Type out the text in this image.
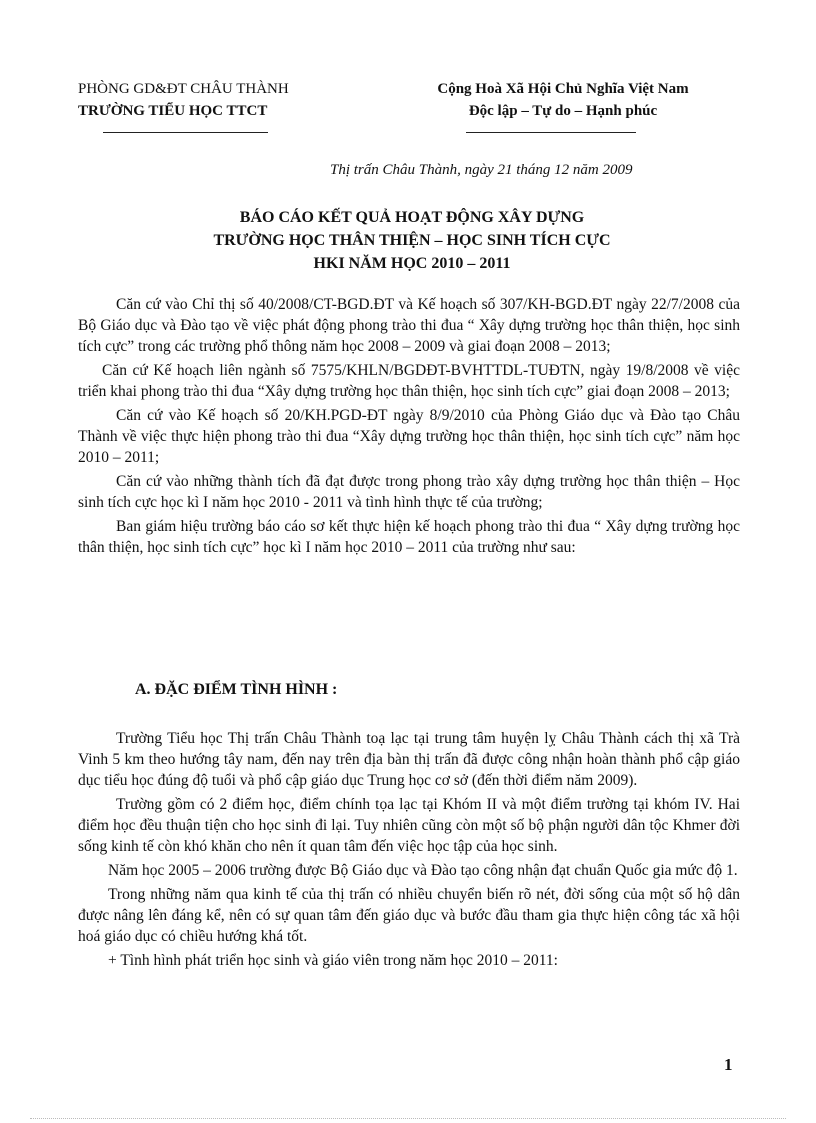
PHÒNG GD&ĐT CHÂU THÀNH
TRƯỜNG TIỂU HỌC TTCT
Cộng Hoà Xã Hội Chủ Nghĩa Việt Nam
Độc lập – Tự do – Hạnh phúc
Thị trấn Châu Thành, ngày 21 tháng 12 năm 2009
BÁO CÁO KẾT QUẢ HOẠT ĐỘNG XÂY DỰNG
TRƯỜNG HỌC THÂN THIỆN – HỌC SINH TÍCH CỰC
HKI NĂM HỌC 2010 – 2011

Căn cứ vào Chỉ thị số 40/2008/CT-BGD.ĐT và Kế hoạch số 307/KH-BGD.ĐT ngày 22/7/2008 của Bộ Giáo dục và Đào tạo về việc phát động phong trào thi đua “ Xây dựng trường học thân thiện, học sinh tích cực” trong các trường phổ thông năm học 2008 – 2009 và giai đoạn 2008 – 2013;

Căn cứ Kế hoạch liên ngành số 7575/KHLN/BGDĐT-BVHTTDL-TUĐTN, ngày 19/8/2008 về việc triển khai phong trào thi đua “Xây dựng trường học thân thiện, học sinh tích cực” giai đoạn 2008 – 2013;

Căn cứ vào Kế hoạch số 20/KH.PGD-ĐT ngày 8/9/2010 của Phòng Giáo dục và Đào tạo Châu Thành về việc thực hiện phong trào thi đua “Xây dựng trường học thân thiện, học sinh tích cực” năm học 2010 – 2011;

Căn cứ vào những thành tích đã đạt được trong phong trào xây dựng trường học thân thiện – Học sinh tích cực học kì I năm học 2010 - 2011 và tình hình thực tế của trường;

Ban giám hiệu trường báo cáo sơ kết thực hiện kế hoạch phong trào thi đua “ Xây dựng trường học thân thiện, học sinh tích cực” học kì I năm học 2010 – 2011 của trường như sau:

A. ĐẶC ĐIỂM TÌNH HÌNH :

Trường Tiểu học Thị trấn Châu Thành toạ lạc tại trung tâm huyện lỵ Châu Thành cách thị xã Trà Vinh 5 km theo hướng tây nam, đến nay trên địa bàn thị trấn đã được công nhận hoàn thành phổ cập giáo dục tiểu học đúng độ tuổi và phổ cập giáo dục Trung học cơ sở (đến thời điểm năm 2009).

Trường gồm có 2 điểm học, điểm chính tọa lạc tại Khóm II và một điểm trường tại khóm IV. Hai điểm học đều thuận tiện cho học sinh đi lại. Tuy nhiên cũng còn một số bộ phận người dân tộc Khmer đời sống kinh tế còn khó khăn cho nên ít quan tâm đến việc học tập của học sinh.

Năm học 2005 – 2006 trường được Bộ Giáo dục và Đào tạo công nhận đạt chuẩn Quốc gia mức độ 1.

Trong những năm qua kinh tế của thị trấn có nhiều chuyển biến rõ nét, đời sống của một số hộ dân được nâng lên đáng kể, nên có sự quan tâm đến giáo dục và bước đầu tham gia thực hiện công tác xã hội hoá giáo dục có chiều hướng khá tốt.

+ Tình hình phát triển học sinh và giáo viên trong năm học 2010 – 2011:

1
